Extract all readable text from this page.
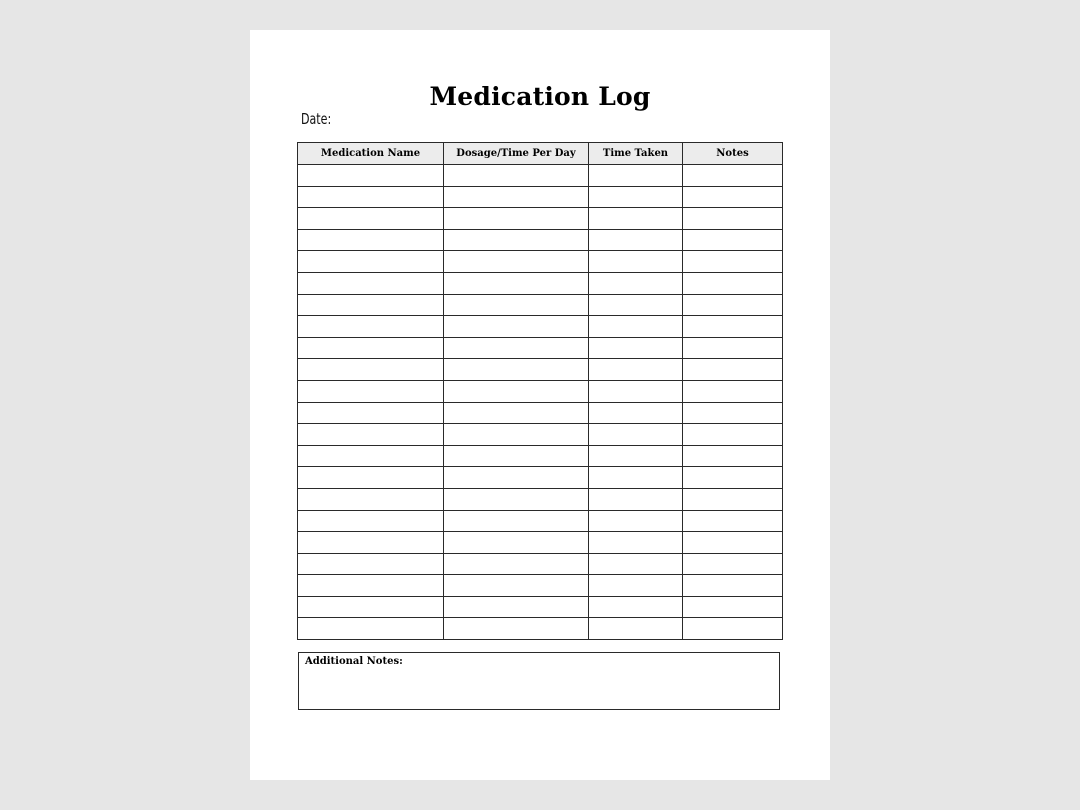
Medication Log
Date:
Medication Name	Dosage/Time Per Day	Time Taken	Notes

Additional Notes:
